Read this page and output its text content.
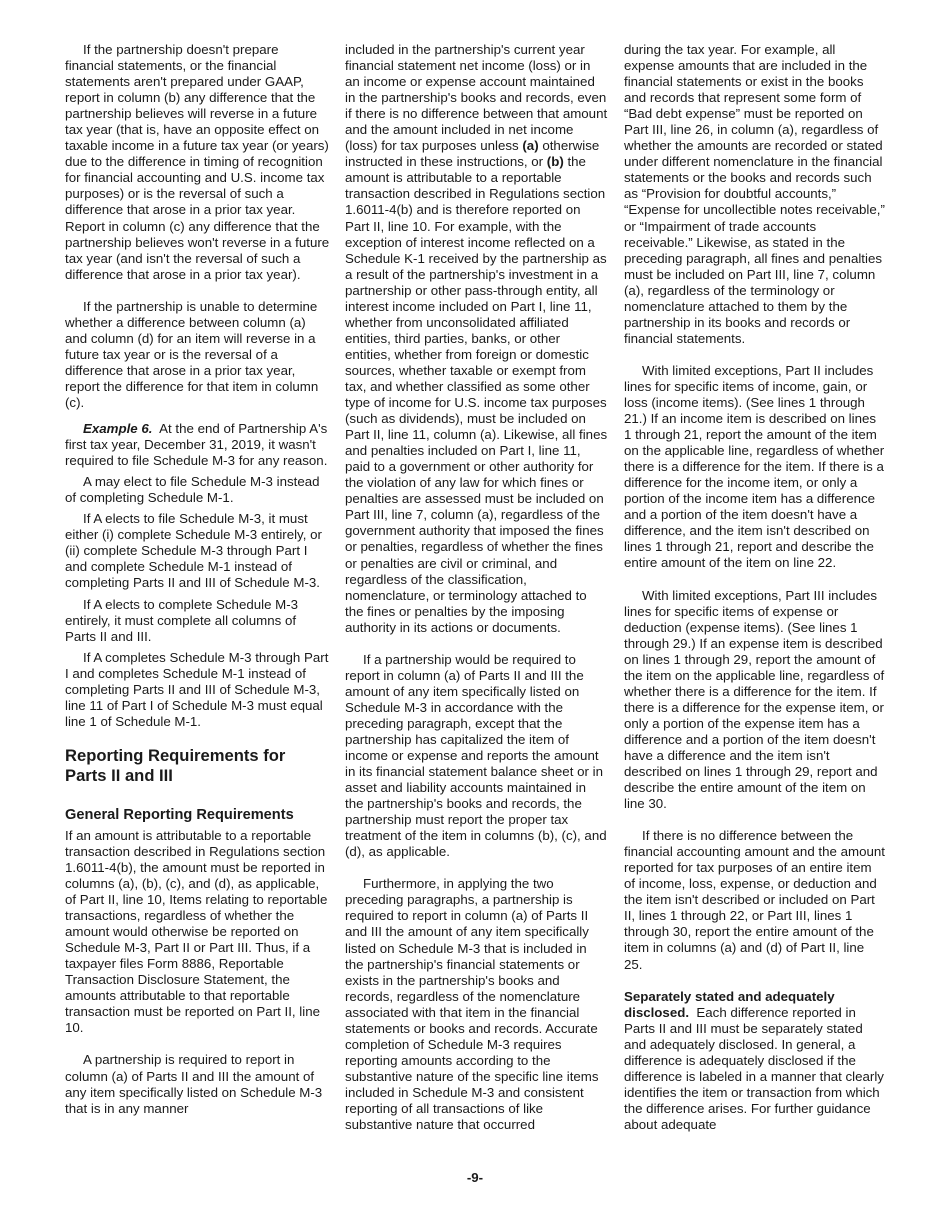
If the partnership doesn't prepare financial statements, or the financial statements aren't prepared under GAAP, report in column (b) any difference that the partnership believes will reverse in a future tax year (that is, have an opposite effect on taxable income in a future tax year (or years) due to the difference in timing of recognition for financial accounting and U.S. income tax purposes) or is the reversal of such a difference that arose in a prior tax year. Report in column (c) any difference that the partnership believes won't reverse in a future tax year (and isn't the reversal of such a difference that arose in a prior tax year).

If the partnership is unable to determine whether a difference between column (a) and column (d) for an item will reverse in a future tax year or is the reversal of a difference that arose in a prior tax year, report the difference for that item in column (c).

Example 6. At the end of Partnership A's first tax year, December 31, 2019, it wasn't required to file Schedule M-3 for any reason.

A may elect to file Schedule M-3 instead of completing Schedule M-1.

If A elects to file Schedule M-3, it must either (i) complete Schedule M-3 entirely, or (ii) complete Schedule M-3 through Part I and complete Schedule M-1 instead of completing Parts II and III of Schedule M-3.

If A elects to complete Schedule M-3 entirely, it must complete all columns of Parts II and III.

If A completes Schedule M-3 through Part I and completes Schedule M-1 instead of completing Parts II and III of Schedule M-3, line 11 of Part I of Schedule M-3 must equal line 1 of Schedule M-1.

Reporting Requirements for Parts II and III
General Reporting Requirements

If an amount is attributable to a reportable transaction described in Regulations section 1.6011-4(b), the amount must be reported in columns (a), (b), (c), and (d), as applicable, of Part II, line 10, Items relating to reportable transactions, regardless of whether the amount would otherwise be reported on Schedule M-3, Part II or Part III. Thus, if a taxpayer files Form 8886, Reportable Transaction Disclosure Statement, the amounts attributable to that reportable transaction must be reported on Part II, line 10.

A partnership is required to report in column (a) of Parts II and III the amount of any item specifically listed on Schedule M-3 that is in any manner

included in the partnership's current year financial statement net income (loss) or in an income or expense account maintained in the partnership's books and records, even if there is no difference between that amount and the amount included in net income (loss) for tax purposes unless (a) otherwise instructed in these instructions, or (b) the amount is attributable to a reportable transaction described in Regulations section 1.6011-4(b) and is therefore reported on Part II, line 10. For example, with the exception of interest income reflected on a Schedule K-1 received by the partnership as a result of the partnership's investment in a partnership or other pass-through entity, all interest income included on Part I, line 11, whether from unconsolidated affiliated entities, third parties, banks, or other entities, whether from foreign or domestic sources, whether taxable or exempt from tax, and whether classified as some other type of income for U.S. income tax purposes (such as dividends), must be included on Part II, line 11, column (a). Likewise, all fines and penalties included on Part I, line 11, paid to a government or other authority for the violation of any law for which fines or penalties are assessed must be included on Part III, line 7, column (a), regardless of the government authority that imposed the fines or penalties, regardless of whether the fines or penalties are civil or criminal, and regardless of the classification, nomenclature, or terminology attached to the fines or penalties by the imposing authority in its actions or documents.

If a partnership would be required to report in column (a) of Parts II and III the amount of any item specifically listed on Schedule M-3 in accordance with the preceding paragraph, except that the partnership has capitalized the item of income or expense and reports the amount in its financial statement balance sheet or in asset and liability accounts maintained in the partnership's books and records, the partnership must report the proper tax treatment of the item in columns (b), (c), and (d), as applicable.

Furthermore, in applying the two preceding paragraphs, a partnership is required to report in column (a) of Parts II and III the amount of any item specifically listed on Schedule M-3 that is included in the partnership's financial statements or exists in the partnership's books and records, regardless of the nomenclature associated with that item in the financial statements or books and records. Accurate completion of Schedule M-3 requires reporting amounts according to the substantive nature of the specific line items included in Schedule M-3 and consistent reporting of all transactions of like substantive nature that occurred

during the tax year. For example, all expense amounts that are included in the financial statements or exist in the books and records that represent some form of “Bad debt expense” must be reported on Part III, line 26, in column (a), regardless of whether the amounts are recorded or stated under different nomenclature in the financial statements or the books and records such as “Provision for doubtful accounts,” “Expense for uncollectible notes receivable,” or “Impairment of trade accounts receivable.” Likewise, as stated in the preceding paragraph, all fines and penalties must be included on Part III, line 7, column (a), regardless of the terminology or nomenclature attached to them by the partnership in its books and records or financial statements.

With limited exceptions, Part II includes lines for specific items of income, gain, or loss (income items). (See lines 1 through 21.) If an income item is described on lines 1 through 21, report the amount of the item on the applicable line, regardless of whether there is a difference for the item. If there is a difference for the income item, or only a portion of the income item has a difference and a portion of the item doesn't have a difference, and the item isn't described on lines 1 through 21, report and describe the entire amount of the item on line 22.

With limited exceptions, Part III includes lines for specific items of expense or deduction (expense items). (See lines 1 through 29.) If an expense item is described on lines 1 through 29, report the amount of the item on the applicable line, regardless of whether there is a difference for the item. If there is a difference for the expense item, or only a portion of the expense item has a difference and a portion of the item doesn't have a difference and the item isn't described on lines 1 through 29, report and describe the entire amount of the item on line 30.

If there is no difference between the financial accounting amount and the amount reported for tax purposes of an entire item of income, loss, expense, or deduction and the item isn't described or included on Part II, lines 1 through 22, or Part III, lines 1 through 30, report the entire amount of the item in columns (a) and (d) of Part II, line 25.

Separately stated and adequately disclosed. Each difference reported in Parts II and III must be separately stated and adequately disclosed. In general, a difference is adequately disclosed if the difference is labeled in a manner that clearly identifies the item or transaction from which the difference arises. For further guidance about adequate

-9-
